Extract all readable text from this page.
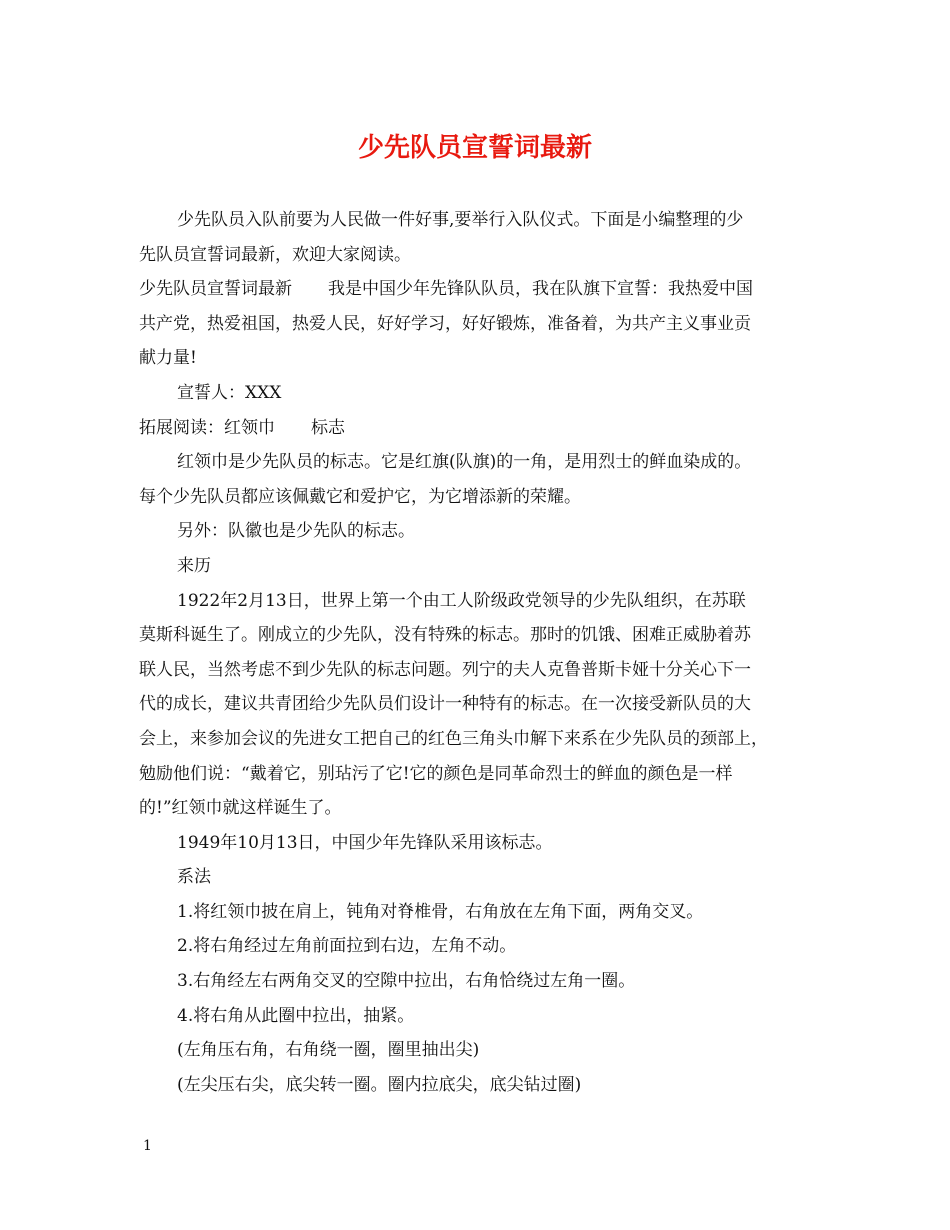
少先队员宣誓词最新
少先队员入队前要为人民做一件好事,要举行入队仪式。下面是小编整理的少
先队员宣誓词最新，欢迎大家阅读。
少先队员宣誓词最新 我是中国少年先锋队队员，我在队旗下宣誓：我热爱中国
共产党，热爱祖国，热爱人民，好好学习，好好锻炼，准备着，为共产主义事业贡
献力量!
宣誓人：XXX
拓展阅读：红领巾 标志
红领巾是少先队员的标志。它是红旗(队旗)的一角，是用烈士的鲜血染成的。
每个少先队员都应该佩戴它和爱护它，为它增添新的荣耀。
另外：队徽也是少先队的标志。
来历
1922年2月13日，世界上第一个由工人阶级政党领导的少先队组织，在苏联
莫斯科诞生了。刚成立的少先队，没有特殊的标志。那时的饥饿、困难正威胁着苏
联人民，当然考虑不到少先队的标志问题。列宁的夫人克鲁普斯卡娅十分关心下一
代的成长，建议共青团给少先队员们设计一种特有的标志。在一次接受新队员的大
会上，来参加会议的先进女工把自己的红色三角头巾解下来系在少先队员的颈部上，
勉励他们说：“戴着它，别玷污了它!它的颜色是同革命烈士的鲜血的颜色是一样
的!”红领巾就这样诞生了。
1949年10月13日，中国少年先锋队采用该标志。
系法
1.将红领巾披在肩上，钝角对脊椎骨，右角放在左角下面，两角交叉。
2.将右角经过左角前面拉到右边，左角不动。
3.右角经左右两角交叉的空隙中拉出，右角恰绕过左角一圈。
4.将右角从此圈中拉出，抽紧。
(左角压右角，右角绕一圈，圈里抽出尖)
(左尖压右尖，底尖转一圈。圈内拉底尖，底尖钻过圈)
1
